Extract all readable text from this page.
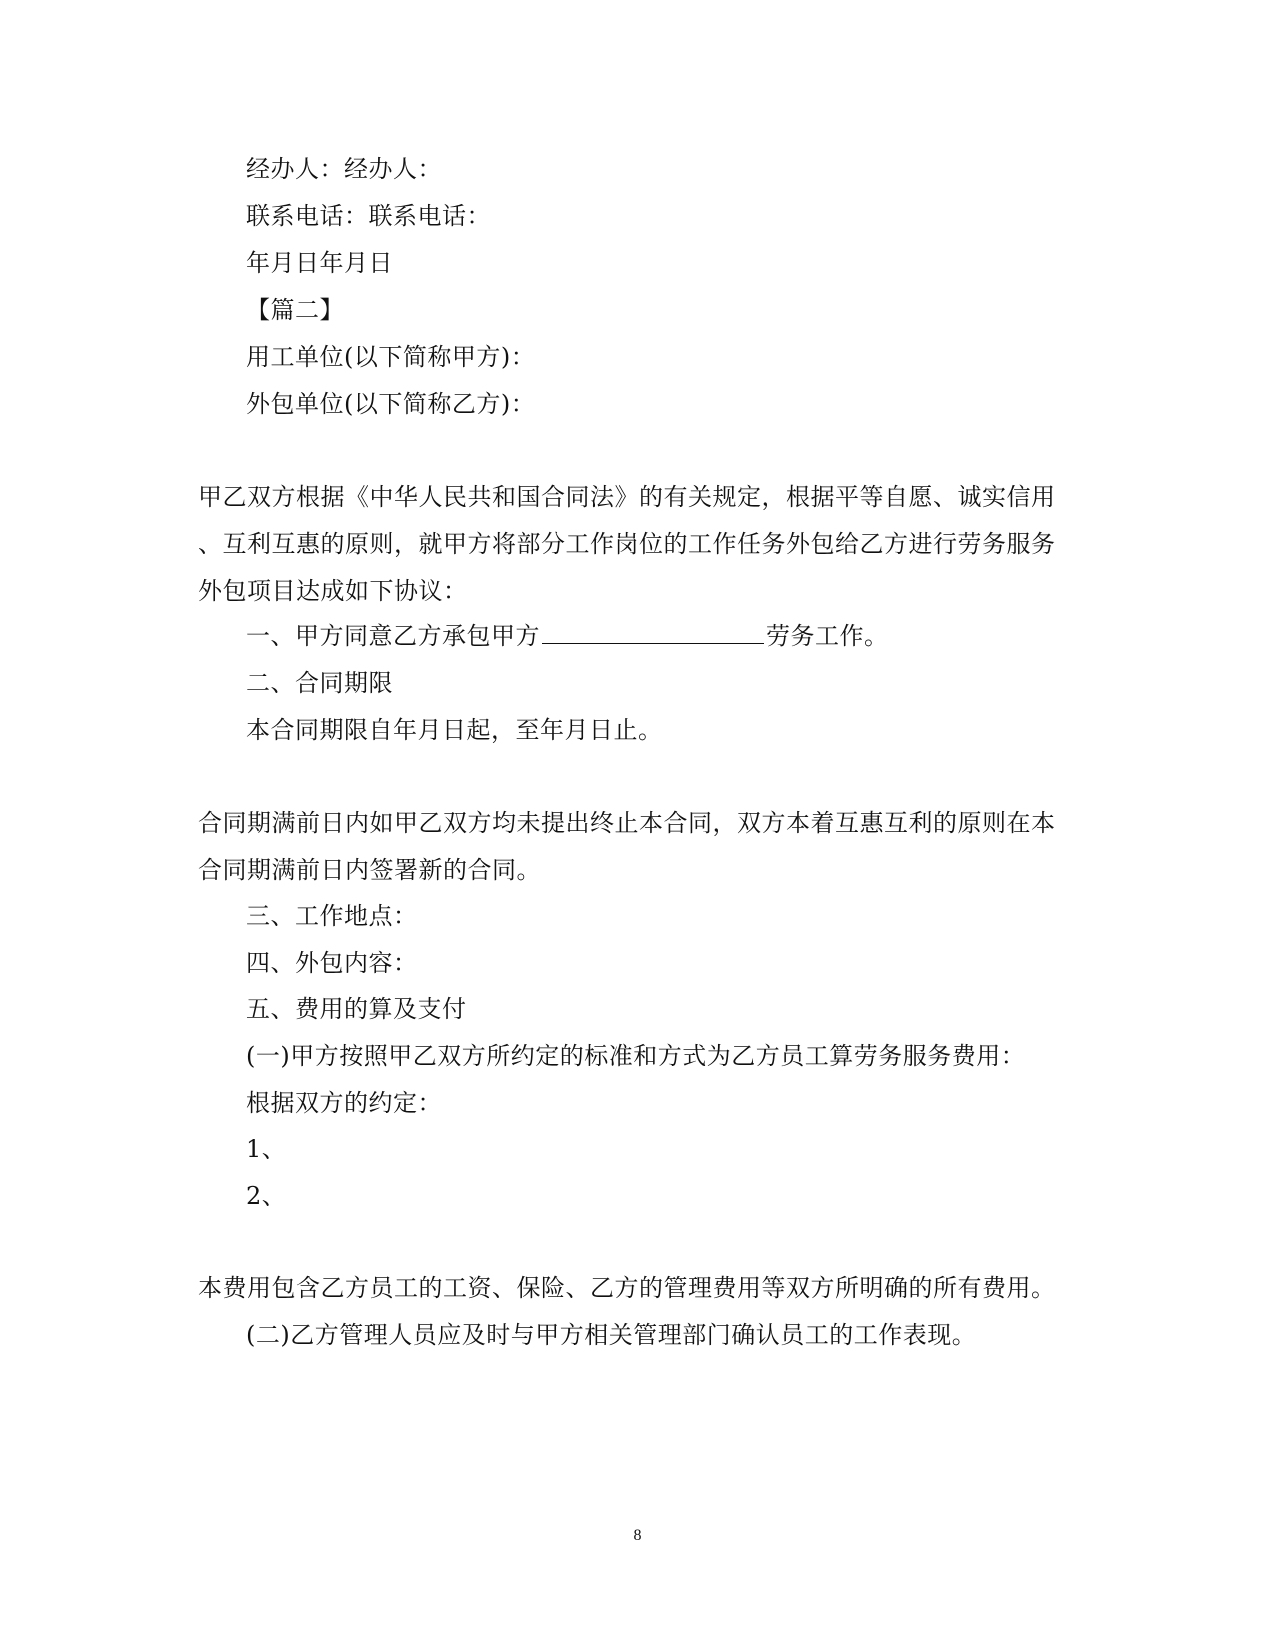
经办人：经办人：
联系电话：联系电话：
年月日年月日
【篇二】
用工单位(以下简称甲方)：
外包单位(以下简称乙方)：
甲乙双方根据《中华人民共和国合同法》的有关规定，根据平等自愿、诚实信用
、互利互惠的原则，就甲方将部分工作岗位的工作任务外包给乙方进行劳务服务
外包项目达成如下协议：
一、甲方同意乙方承包甲方	劳务工作。
二、合同期限
本合同期限自年月日起，至年月日止。
合同期满前日内如甲乙双方均未提出终止本合同，双方本着互惠互利的原则在本
合同期满前日内签署新的合同。
三、工作地点：
四、外包内容：
五、费用的算及支付
(一)甲方按照甲乙双方所约定的标准和方式为乙方员工算劳务服务费用：
根据双方的约定：
1、
2、
本费用包含乙方员工的工资、保险、乙方的管理费用等双方所明确的所有费用。
(二)乙方管理人员应及时与甲方相关管理部门确认员工的工作表现。
8
